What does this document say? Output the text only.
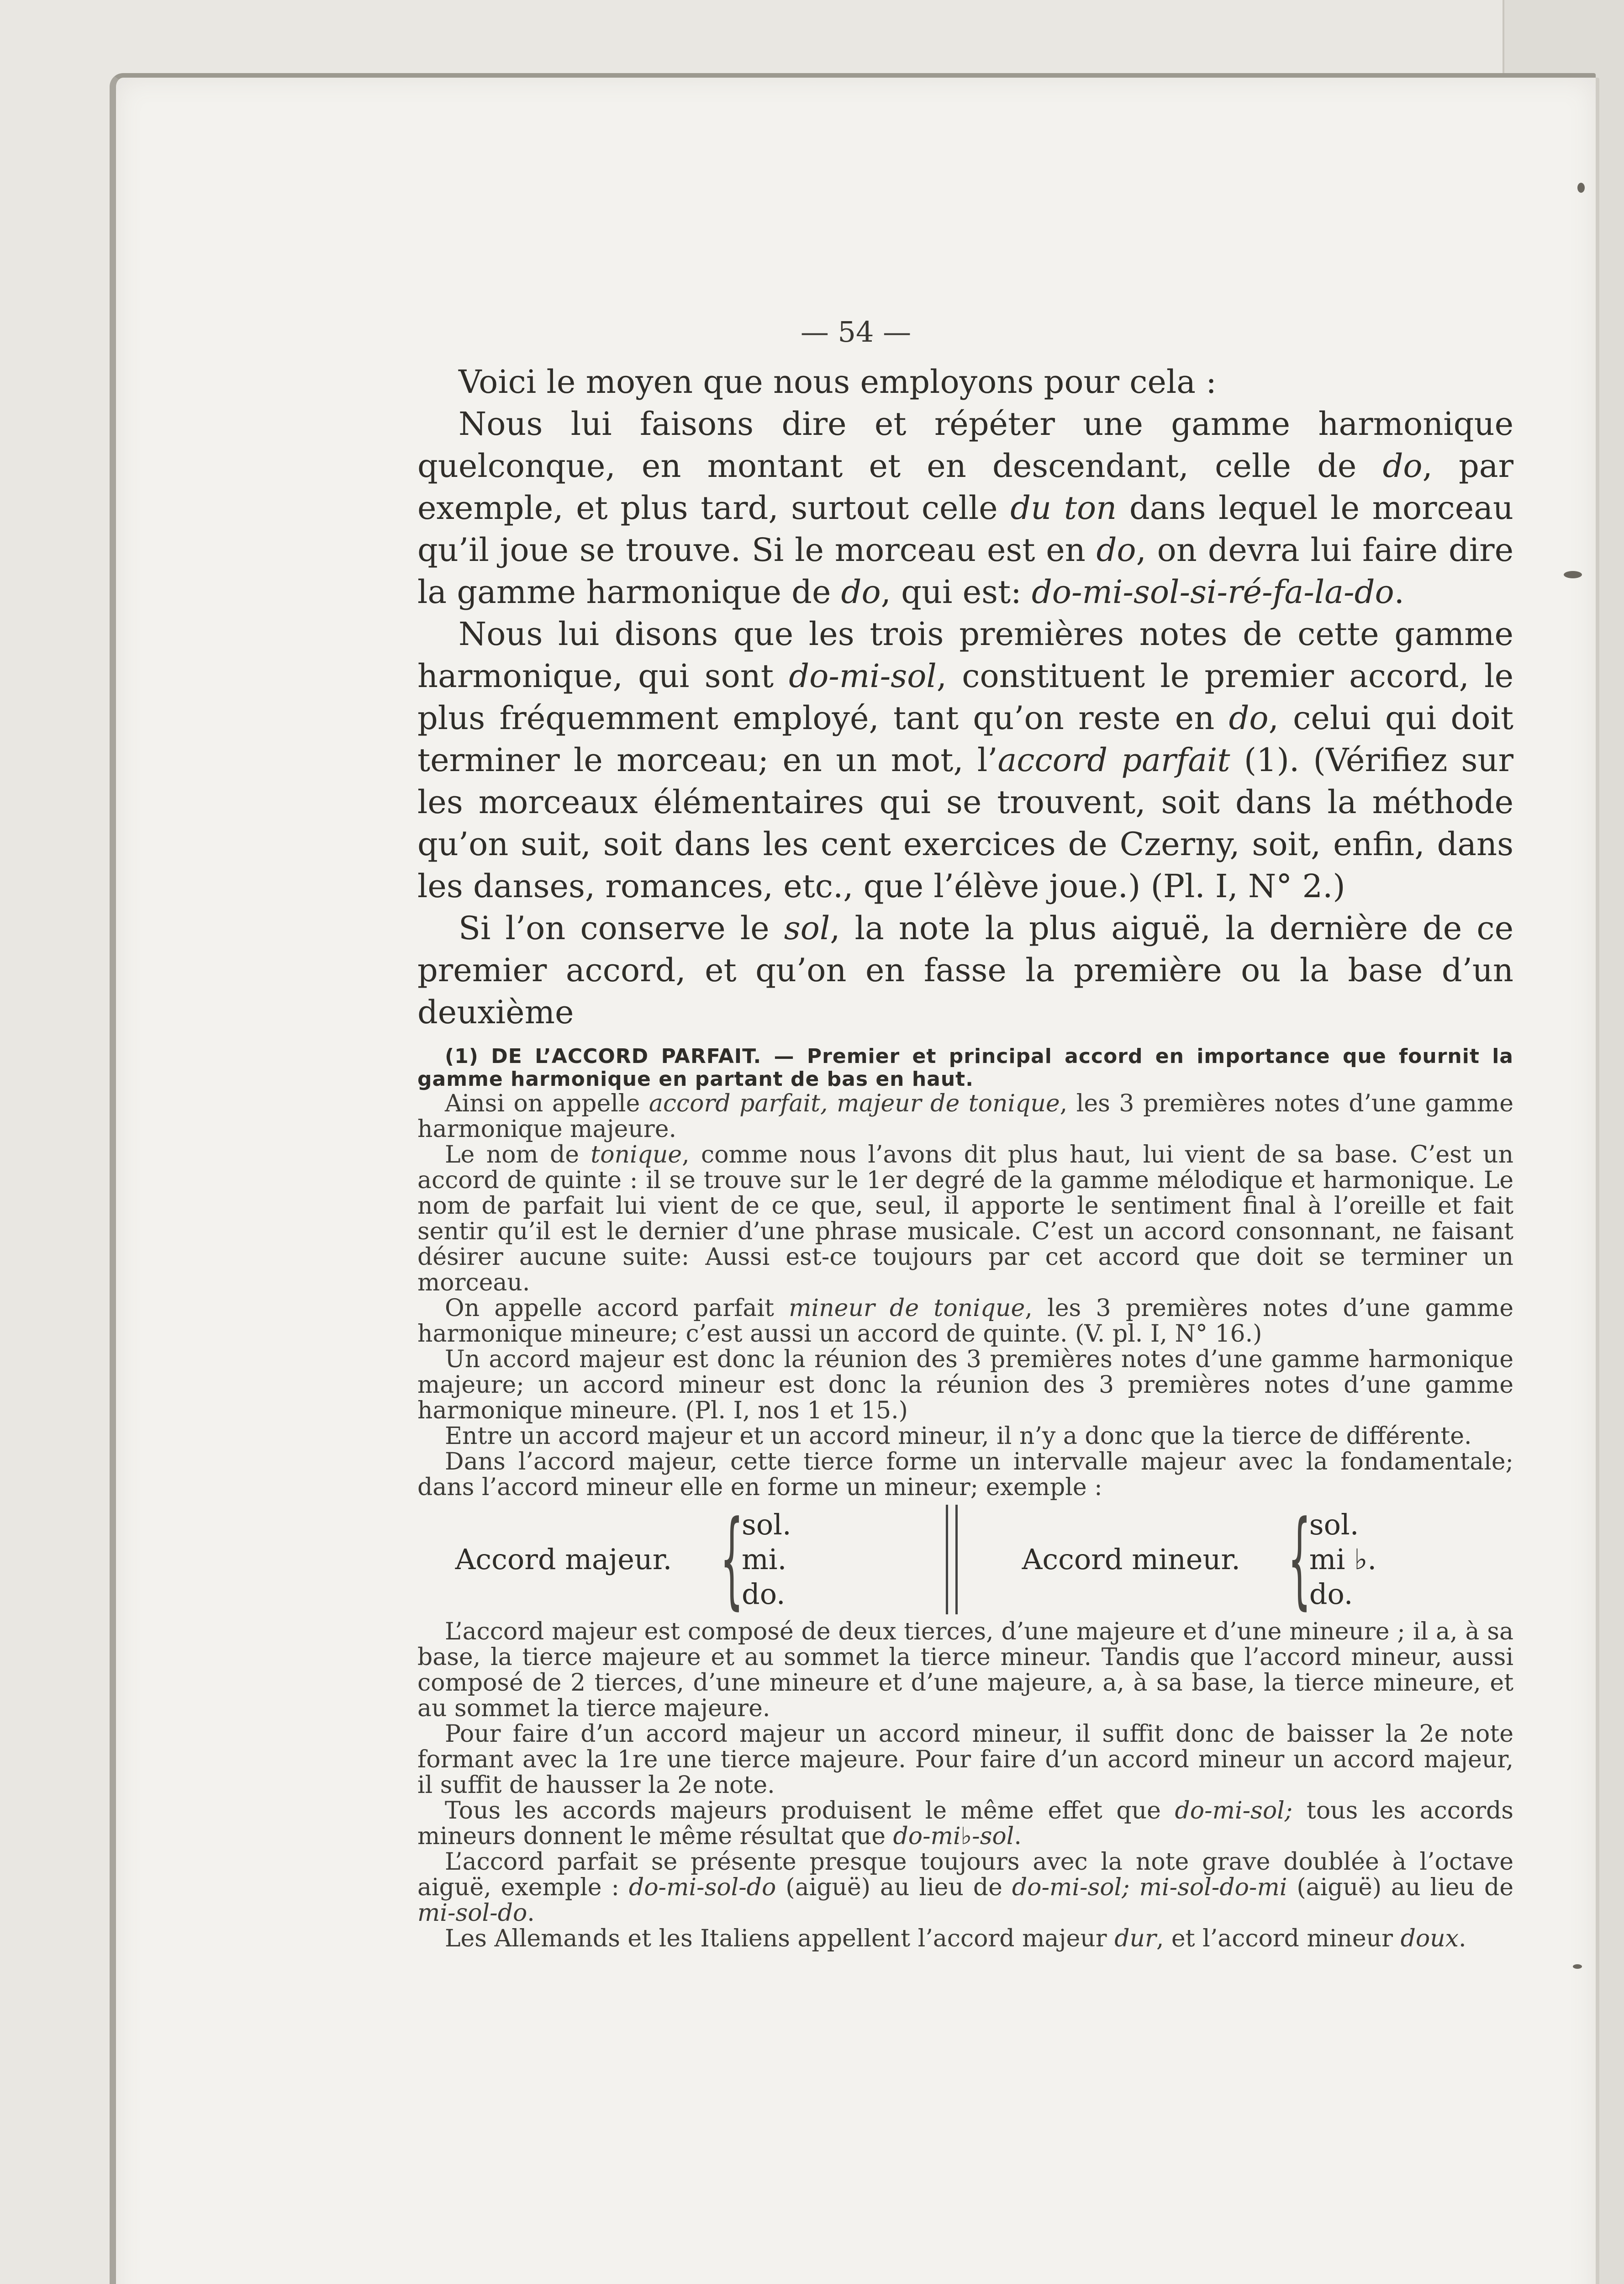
— 54 —

Voici le moyen que nous employons pour cela :

Nous lui faisons dire et répéter une gamme harmonique quelconque, en montant et en descendant, celle de do, par exemple, et plus tard, surtout celle du ton dans lequel le morceau qu’il joue se trouve. Si le morceau est en do, on devra lui faire dire la gamme harmonique de do, qui est: do-mi-sol-si-ré-fa-la-do.

Nous lui disons que les trois premières notes de cette gamme harmonique, qui sont do-mi-sol, constituent le premier accord, le plus fréquemment employé, tant qu’on reste en do, celui qui doit terminer le morceau; en un mot, l’accord parfait (1). (Vérifiez sur les morceaux élémentaires qui se trouvent, soit dans la méthode qu’on suit, soit dans les cent exercices de Czerny, soit, enfin, dans les danses, romances, etc., que l’élève joue.) (Pl. I, N° 2.)

Si l’on conserve le sol, la note la plus aiguë, la dernière de ce premier accord, et qu’on en fasse la première ou la base d’un deuxième

(1) DE L’ACCORD PARFAIT. — Premier et principal accord en importance que fournit la gamme harmonique en partant de bas en haut.

Ainsi on appelle accord parfait, majeur de tonique, les 3 premières notes d’une gamme harmonique majeure.

Le nom de tonique, comme nous l’avons dit plus haut, lui vient de sa base. C’est un accord de quinte : il se trouve sur le 1er degré de la gamme mélodique et harmonique. Le nom de parfait lui vient de ce que, seul, il apporte le sentiment final à l’oreille et fait sentir qu’il est le dernier d’une phrase musicale. C’est un accord consonnant, ne faisant désirer aucune suite: Aussi est-ce toujours par cet accord que doit se terminer un morceau.

On appelle accord parfait mineur de tonique, les 3 premières notes d’une gamme harmonique mineure; c’est aussi un accord de quinte. (V. pl. I, N° 16.)

Un accord majeur est donc la réunion des 3 premières notes d’une gamme harmonique majeure; un accord mineur est donc la réunion des 3 premières notes d’une gamme harmonique mineure. (Pl. I, nos 1 et 15.)

Entre un accord majeur et un accord mineur, il n’y a donc que la tierce de différente.

Dans l’accord majeur, cette tierce forme un intervalle majeur avec la fondamentale; dans l’accord mineur elle en forme un mineur; exemple :

Accord majeur. {
sol.
mi.
do.
Accord mineur. {
sol.
mi ♭.
do.

L’accord majeur est composé de deux tierces, d’une majeure et d’une mineure ; il a, à sa base, la tierce majeure et au sommet la tierce mineur. Tandis que l’accord mineur, aussi composé de 2 tierces, d’une mineure et d’une majeure, a, à sa base, la tierce mineure, et au sommet la tierce majeure.

Pour faire d’un accord majeur un accord mineur, il suffit donc de baisser la 2e note formant avec la 1re une tierce majeure. Pour faire d’un accord mineur un accord majeur, il suffit de hausser la 2e note.

Tous les accords majeurs produisent le même effet que do-mi-sol; tous les accords mineurs donnent le même résultat que do-mi♭-sol.

L’accord parfait se présente presque toujours avec la note grave doublée à l’octave aiguë, exemple : do-mi-sol-do (aiguë) au lieu de do-mi-sol; mi-sol-do-mi (aiguë) au lieu de mi-sol-do.

Les Allemands et les Italiens appellent l’accord majeur dur, et l’accord mineur doux.
